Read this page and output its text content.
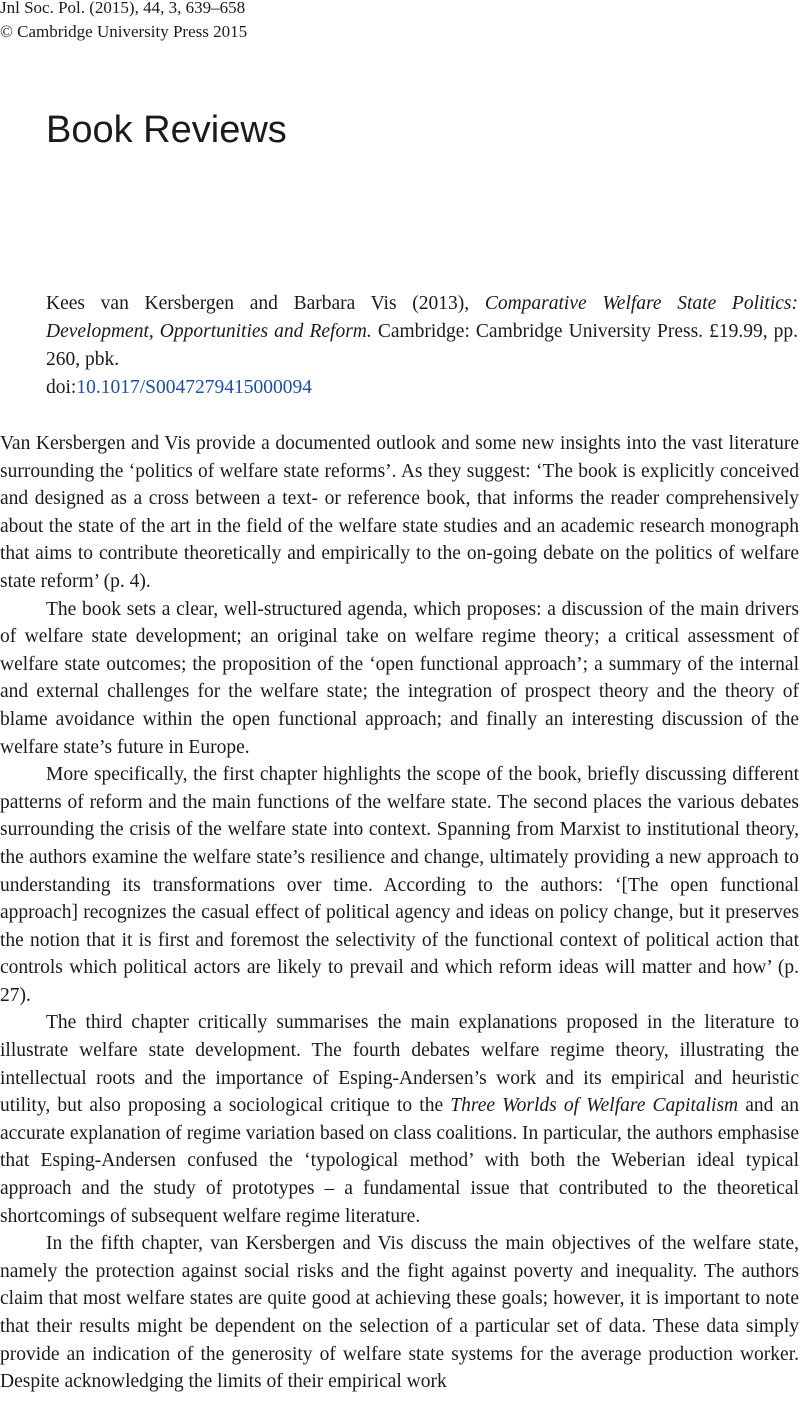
Jnl Soc. Pol. (2015), 44, 3, 639–658
© Cambridge University Press 2015
Book Reviews

Kees van Kersbergen and Barbara Vis (2013), Comparative Welfare State Politics: Development, Opportunities and Reform. Cambridge: Cambridge University Press. £19.99, pp. 260, pbk.

doi:10.1017/S0047279415000094

Van Kersbergen and Vis provide a documented outlook and some new insights into the vast literature surrounding the ‘politics of welfare state reforms’. As they suggest: ‘The book is explicitly conceived and designed as a cross between a text- or reference book, that informs the reader comprehensively about the state of the art in the field of the welfare state studies and an academic research monograph that aims to contribute theoretically and empirically to the on-going debate on the politics of welfare state reform’ (p. 4).

The book sets a clear, well-structured agenda, which proposes: a discussion of the main drivers of welfare state development; an original take on welfare regime theory; a critical assessment of welfare state outcomes; the proposition of the ‘open functional approach’; a summary of the internal and external challenges for the welfare state; the integration of prospect theory and the theory of blame avoidance within the open functional approach; and finally an interesting discussion of the welfare state’s future in Europe.

More specifically, the first chapter highlights the scope of the book, briefly discussing different patterns of reform and the main functions of the welfare state. The second places the various debates surrounding the crisis of the welfare state into context. Spanning from Marxist to institutional theory, the authors examine the welfare state’s resilience and change, ultimately providing a new approach to understanding its transformations over time. According to the authors: ‘[The open functional approach] recognizes the casual effect of political agency and ideas on policy change, but it preserves the notion that it is first and foremost the selectivity of the functional context of political action that controls which political actors are likely to prevail and which reform ideas will matter and how’ (p. 27).

The third chapter critically summarises the main explanations proposed in the literature to illustrate welfare state development. The fourth debates welfare regime theory, illustrating the intellectual roots and the importance of Esping-Andersen’s work and its empirical and heuristic utility, but also proposing a sociological critique to the Three Worlds of Welfare Capitalism and an accurate explanation of regime variation based on class coalitions. In particular, the authors emphasise that Esping-Andersen confused the ‘typological method’ with both the Weberian ideal typical approach and the study of prototypes – a fundamental issue that contributed to the theoretical shortcomings of subsequent welfare regime literature.

In the fifth chapter, van Kersbergen and Vis discuss the main objectives of the welfare state, namely the protection against social risks and the fight against poverty and inequality. The authors claim that most welfare states are quite good at achieving these goals; however, it is important to note that their results might be dependent on the selection of a particular set of data. These data simply provide an indication of the generosity of welfare state systems for the average production worker. Despite acknowledging the limits of their empirical work
